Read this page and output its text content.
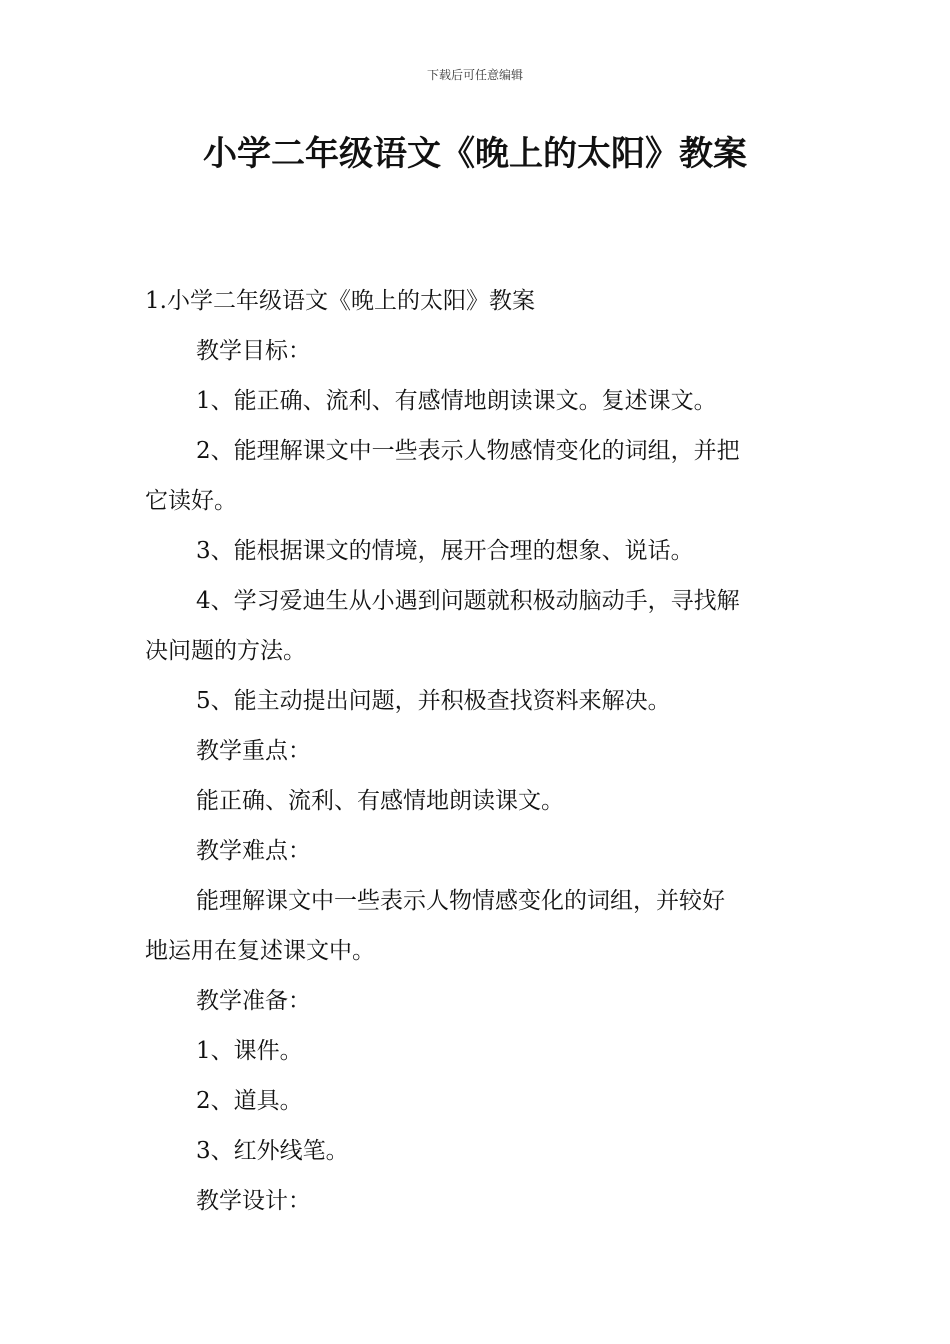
下载后可任意编辑
小学二年级语文《晚上的太阳》教案

1.小学二年级语文《晚上的太阳》教案

教学目标：

1、能正确、流利、有感情地朗读课文。复述课文。

2、能理解课文中一些表示人物感情变化的词组，并把

它读好。

3、能根据课文的情境，展开合理的想象、说话。

4、学习爱迪生从小遇到问题就积极动脑动手，寻找解

决问题的方法。

5、能主动提出问题，并积极查找资料来解决。

教学重点：

能正确、流利、有感情地朗读课文。

教学难点：

能理解课文中一些表示人物情感变化的词组，并较好

地运用在复述课文中。

教学准备：

1、课件。

2、道具。

3、红外线笔。

教学设计：
